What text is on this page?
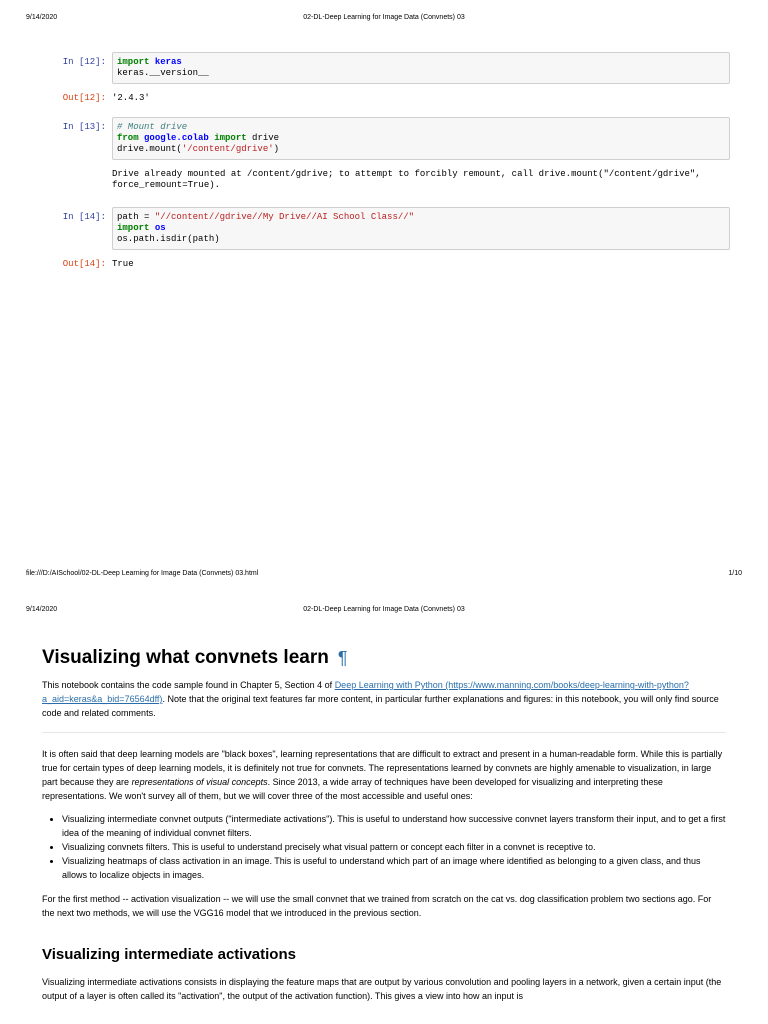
9/14/2020	02-DL-Deep Learning for Image Data (Convnets) 03
In [12]:	import keras
keras.__version__
Out[12]: '2.4.3'
In [13]:	# Mount drive
from google.colab import drive
drive.mount('/content/gdrive')
Drive already mounted at /content/gdrive; to attempt to forcibly remount, call drive.mount("/content/gdrive",
force_remount=True).
In [14]:	path = "//content//gdrive//My Drive//AI School Class//"
import os
os.path.isdir(path)
Out[14]: True
file:///D:/AISchool/02-DL-Deep Learning for Image Data (Convnets) 03.html	1/10
9/14/2020	02-DL-Deep Learning for Image Data (Convnets) 03
Visualizing what convnets learn ¶

This notebook contains the code sample found in Chapter 5, Section 4 of Deep Learning with Python (https://www.manning.com/books/deep-learning-with-python?a_aid=keras&a_bid=76564dff). Note that the original text features far more content, in particular further explanations and figures: in this notebook, you will only find source code and related comments.

It is often said that deep learning models are "black boxes", learning representations that are difficult to extract and present in a human-readable form. While this is partially true for certain types of deep learning models, it is definitely not true for convnets. The representations learned by convnets are highly amenable to visualization, in large part because they are representations of visual concepts. Since 2013, a wide array of techniques have been developed for visualizing and interpreting these representations. We won't survey all of them, but we will cover three of the most accessible and useful ones:

• Visualizing intermediate convnet outputs ("intermediate activations"). This is useful to understand how successive convnet layers transform their input, and to get a first idea of the meaning of individual convnet filters.
• Visualizing convnets filters. This is useful to understand precisely what visual pattern or concept each filter in a convnet is receptive to.
• Visualizing heatmaps of class activation in an image. This is useful to understand which part of an image where identified as belonging to a given class, and thus allows to localize objects in images.

For the first method -- activation visualization -- we will use the small convnet that we trained from scratch on the cat vs. dog classification problem two sections ago. For the next two methods, we will use the VGG16 model that we introduced in the previous section.

Visualizing intermediate activations

Visualizing intermediate activations consists in displaying the feature maps that are output by various convolution and pooling layers in a network, given a certain input (the output of a layer is often called its "activation", the output of the activation function). This gives a view into how an input is
